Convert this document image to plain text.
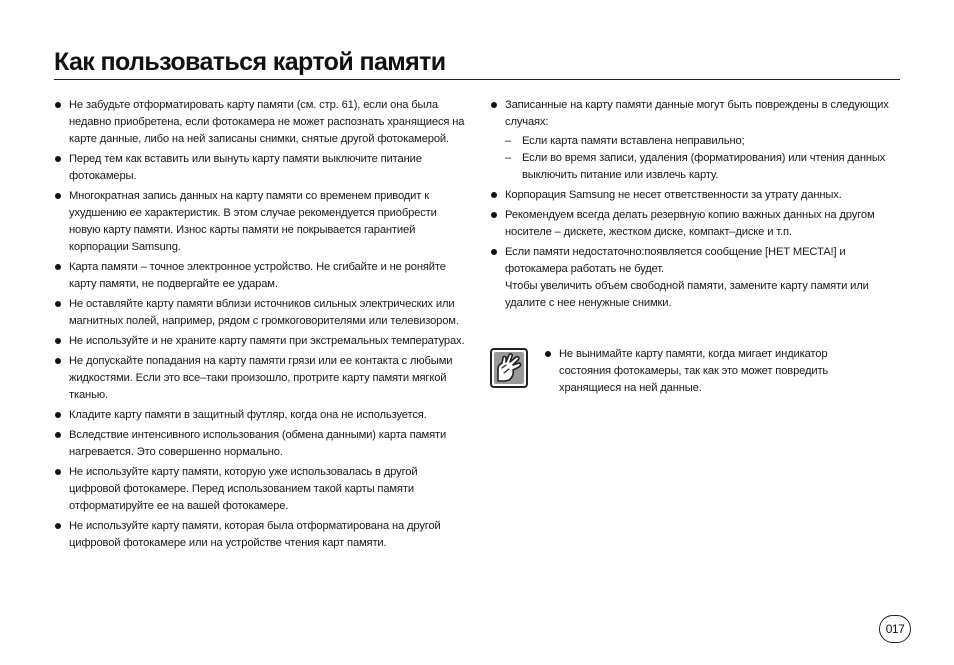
Как пользоваться картой памяти
Не забудьте отформатировать карту памяти (см. стр. 61), если она была недавно приобретена, если фотокамера не может распознать хранящиеся на карте данные, либо на ней записаны снимки, снятые другой фотокамерой.
Перед тем как вставить или вынуть карту памяти выключите питание фотокамеры.
Многократная запись данных на карту памяти со временем приводит к ухудшению ее характеристик. В этом случае рекомендуется приобрести новую карту памяти. Износ карты памяти не покрывается гарантией корпорации Samsung.
Карта памяти – точное электронное устройство. Не сгибайте и не роняйте карту памяти, не подвергайте ее ударам.
Не оставляйте карту памяти вблизи источников сильных электрических или магнитных полей, например, рядом с громкоговорителями или телевизором.
Не используйте и не храните карту памяти при экстремальных температурах.
Не допускайте попадания на карту памяти грязи или ее контакта с любыми жидкостями. Если это все–таки произошло, протрите карту памяти мягкой тканью.
Кладите карту памяти в защитный футляр, когда она не используется.
Вследствие интенсивного использования (обмена данными) карта памяти нагревается. Это совершенно нормально.
Не используйте карту памяти, которую уже использовалась в другой цифровой фотокамере. Перед использованием такой карты памяти отформатируйте ее на вашей фотокамере.
Не используйте карту памяти, которая была отформатирована на другой цифровой фотокамере или на устройстве чтения карт памяти.
Записанные на карту памяти данные могут быть повреждены в следующих случаях:
– Если карта памяти вставлена неправильно;
– Если во время записи, удаления (форматирования) или чтения данных выключить питание или извлечь карту.
Корпорация Samsung не несет ответственности за утрату данных.
Рекомендуем всегда делать резервную копию важных данных на другом носителе – дискете, жестком диске, компакт–диске и т.п.
Если памяти недостаточно:появляется сообщение [НЕТ МЕСТА!] и фотокамера работать не будет.
Чтобы увеличить объем свободной памяти, замените карту памяти или удалите с нее ненужные снимки.
Не вынимайте карту памяти, когда мигает индикатор состояния фотокамеры, так как это может повредить хранящиеся на ней данные.
017
